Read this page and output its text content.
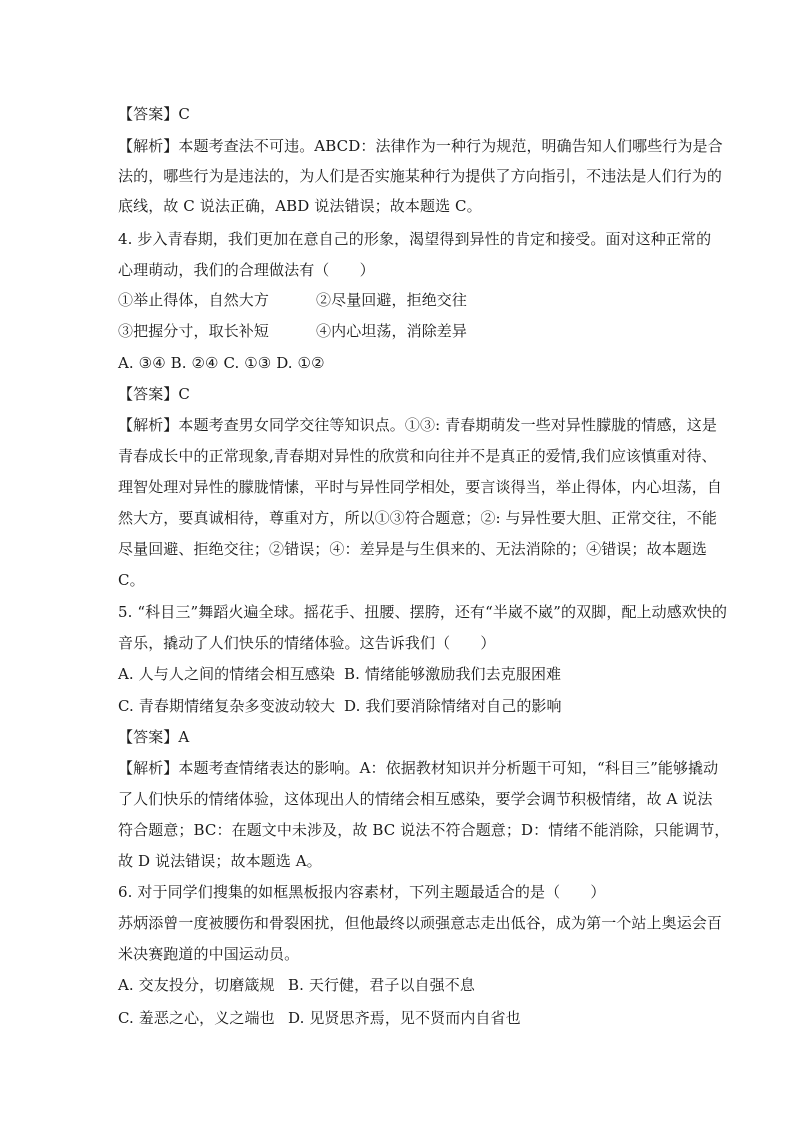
【答案】C
【解析】本题考查法不可违。ABCD：法律作为一种行为规范，明确告知人们哪些行为是合
法的，哪些行为是违法的，为人们是否实施某种行为提供了方向指引，不违法是人们行为的
底线，故 C 说法正确，ABD 说法错误；故本题选 C。
4. 步入青春期，我们更加在意自己的形象，渴望得到异性的肯定和接受。面对这种正常的
心理萌动，我们的合理做法有（　　）
①举止得体，自然大方	②尽量回避，拒绝交往
③把握分寸，取长补短	④内心坦荡，消除差异
A. ③④ B. ②④ C. ①③ D. ①②
【答案】C
【解析】本题考查男女同学交往等知识点。①③: 青春期萌发一些对异性朦胧的情感，这是
青春成长中的正常现象,青春期对异性的欣赏和向往并不是真正的爱情,我们应该慎重对待、
理智处理对异性的朦胧情愫，平时与异性同学相处，要言谈得当，举止得体，内心坦荡，自
然大方，要真诚相待，尊重对方，所以①③符合题意；②: 与异性要大胆、正常交往，不能
尽量回避、拒绝交往；②错误；④：差异是与生俱来的、无法消除的；④错误；故本题选
C。
5. “科目三”舞蹈火遍全球。摇花手、扭腰、摆胯，还有“半崴不崴”的双脚，配上动感欢快的
音乐，撬动了人们快乐的情绪体验。这告诉我们（　　）
A. 人与人之间的情绪会相互感染 B. 情绪能够激励我们去克服困难
C. 青春期情绪复杂多变波动较大 D. 我们要消除情绪对自己的影响
【答案】A
【解析】本题考查情绪表达的影响。A：依据教材知识并分析题干可知，“科目三”能够撬动
了人们快乐的情绪体验，这体现出人的情绪会相互感染，要学会调节积极情绪，故 A 说法
符合题意；BC：在题文中未涉及，故 BC 说法不符合题意；D：情绪不能消除，只能调节，
故 D 说法错误；故本题选 A。
6. 对于同学们搜集的如框黑板报内容素材，下列主题最适合的是（　　）
苏炳添曾一度被腰伤和骨裂困扰，但他最终以顽强意志走出低谷，成为第一个站上奥运会百
米决赛跑道的中国运动员。
A. 交友投分，切磨箴规 B. 天行健，君子以自强不息
C. 羞恶之心，义之端也 D. 见贤思齐焉，见不贤而内自省也
